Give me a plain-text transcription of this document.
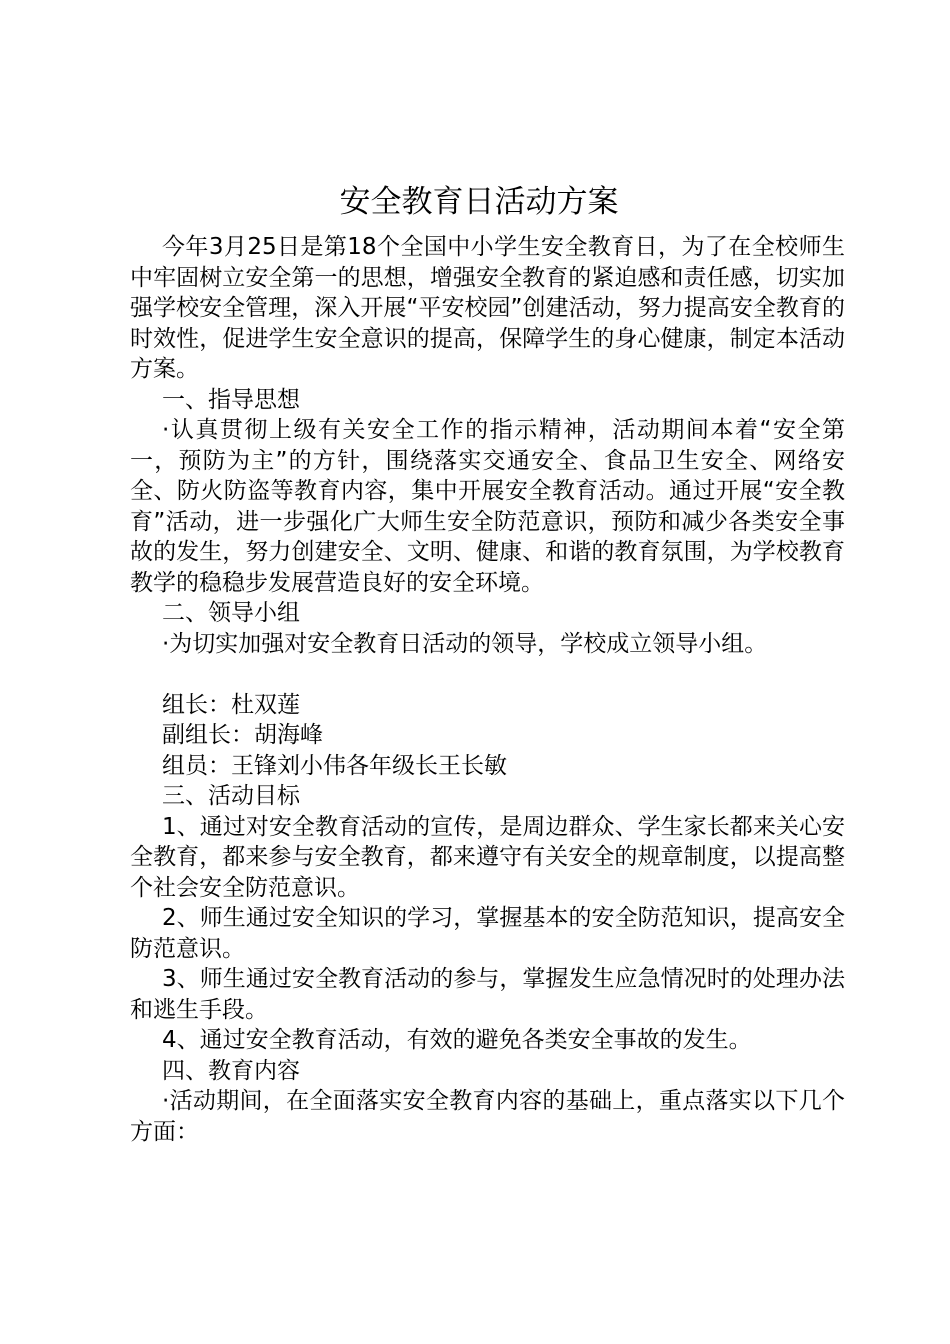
安全教育日活动方案

今年3月25日是第18个全国中小学生安全教育日，为了在全校师生中牢固树立安全第一的思想，增强安全教育的紧迫感和责任感，切实加强学校安全管理，深入开展“平安校园”创建活动，努力提高安全教育的时效性，促进学生安全意识的提高，保障学生的身心健康，制定本活动方案。

一、指导思想

·认真贯彻上级有关安全工作的指示精神，活动期间本着“安全第一，预防为主”的方针，围绕落实交通安全、食品卫生安全、网络安全、防火防盗等教育内容，集中开展安全教育活动。通过开展“安全教育”活动，进一步强化广大师生安全防范意识，预防和减少各类安全事故的发生，努力创建安全、文明、健康、和谐的教育氛围，为学校教育教学的稳稳步发展营造良好的安全环境。

二、领导小组

·为切实加强对安全教育日活动的领导，学校成立领导小组。

组长：杜双莲

副组长：胡海峰

组员：王锋刘小伟各年级长王长敏

三、活动目标

1、通过对安全教育活动的宣传，是周边群众、学生家长都来关心安全教育，都来参与安全教育，都来遵守有关安全的规章制度，以提高整个社会安全防范意识。

2、师生通过安全知识的学习，掌握基本的安全防范知识，提高安全防范意识。

3、师生通过安全教育活动的参与，掌握发生应急情况时的处理办法和逃生手段。

4、通过安全教育活动，有效的避免各类安全事故的发生。

四、教育内容

·活动期间，在全面落实安全教育内容的基础上，重点落实以下几个方面：
